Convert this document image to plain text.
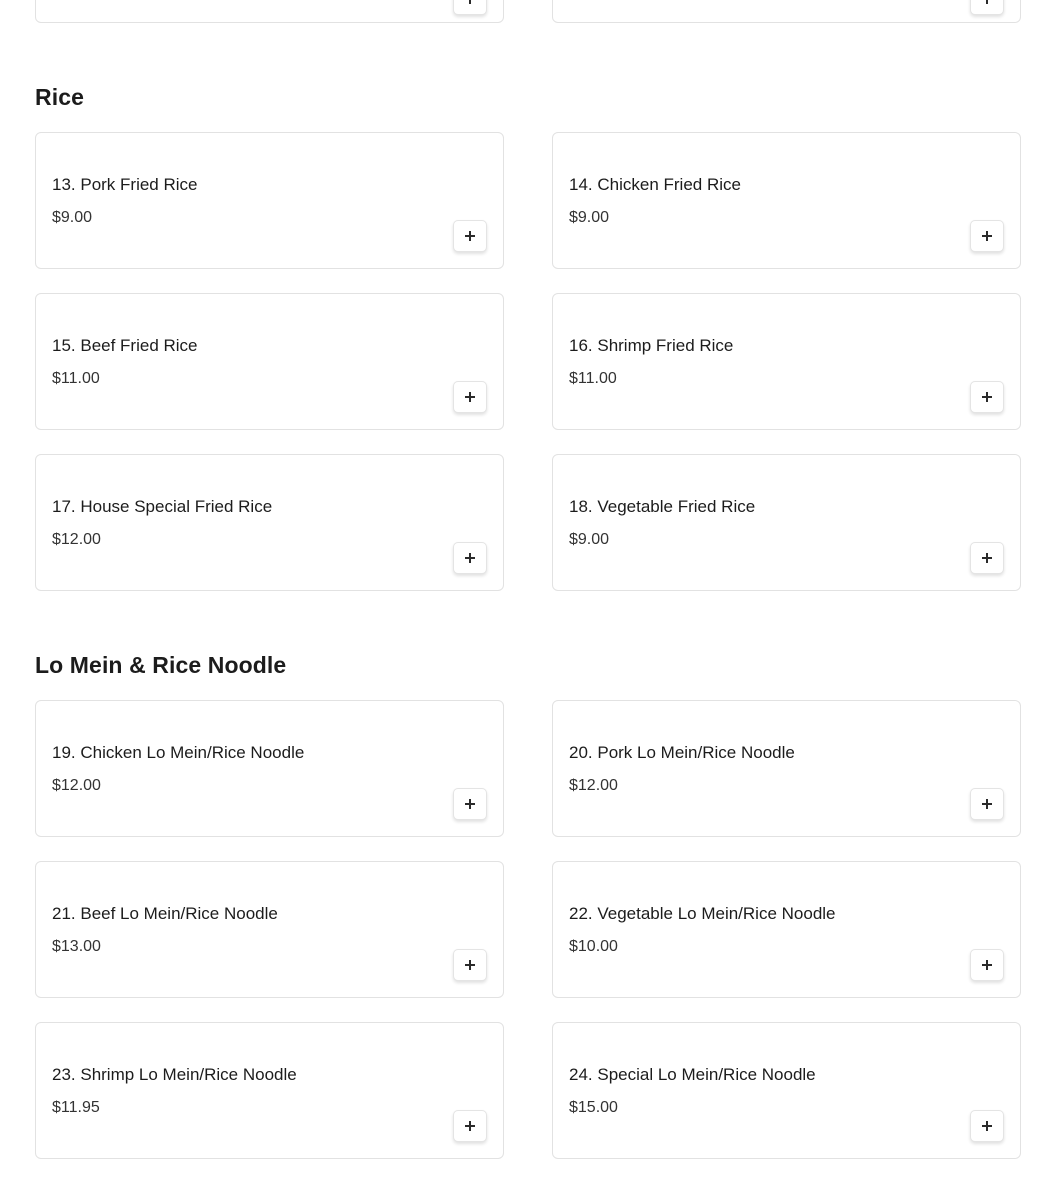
Rice
13. Pork Fried Rice
$9.00
14. Chicken Fried Rice
$9.00
15. Beef Fried Rice
$11.00
16. Shrimp Fried Rice
$11.00
17. House Special Fried Rice
$12.00
18. Vegetable Fried Rice
$9.00
Lo Mein & Rice Noodle
19. Chicken Lo Mein/Rice Noodle
$12.00
20. Pork Lo Mein/Rice Noodle
$12.00
21. Beef Lo Mein/Rice Noodle
$13.00
22. Vegetable Lo Mein/Rice Noodle
$10.00
23. Shrimp Lo Mein/Rice Noodle
$11.95
24. Special Lo Mein/Rice Noodle
$15.00
